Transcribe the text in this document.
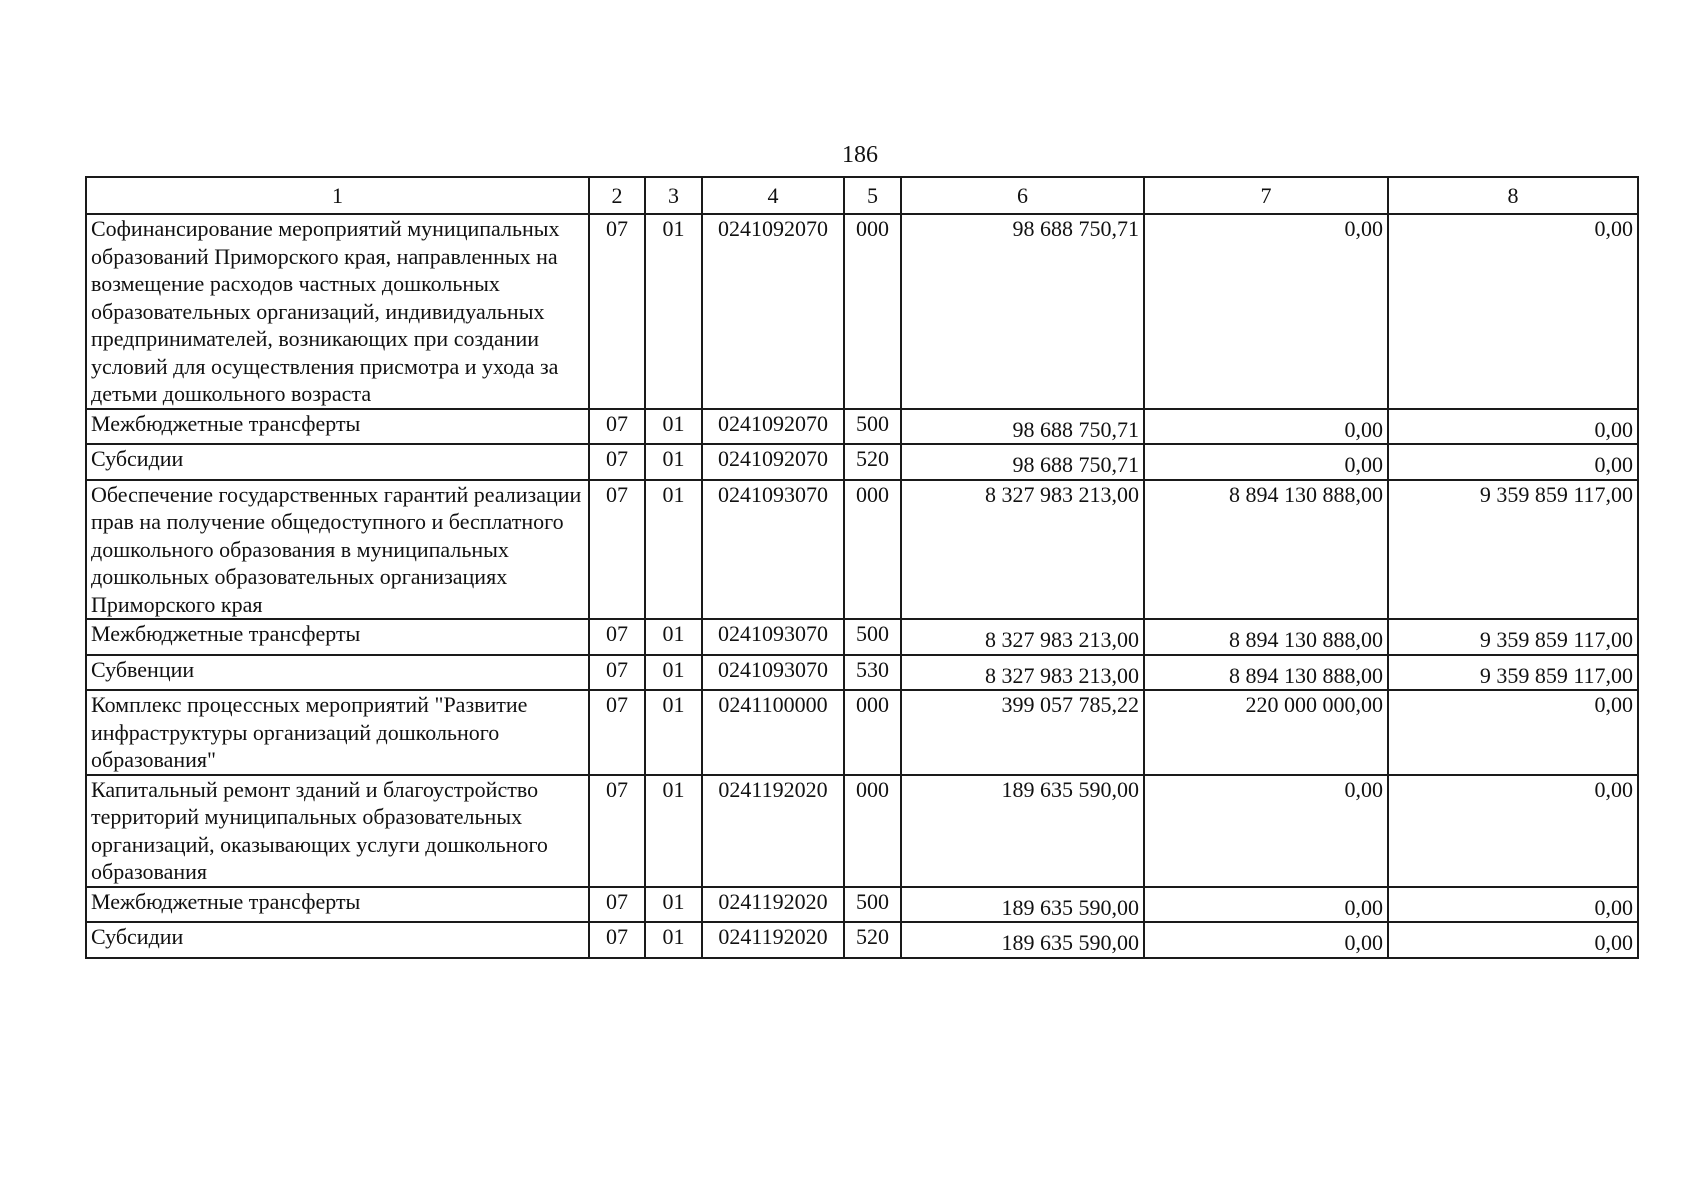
186
1	2	3	4	5	6	7	8
Софинансирование мероприятий муниципальных образований Приморского края, направленных на возмещение расходов частных дошкольных образовательных организаций, индивидуальных предпринимателей, возникающих при создании условий для осуществления присмотра и ухода за детьми дошкольного возраста	07	01	0241092070	000	98 688 750,71	0,00	0,00
Межбюджетные трансферты	07	01	0241092070	500	98 688 750,71	0,00	0,00
Субсидии	07	01	0241092070	520	98 688 750,71	0,00	0,00
Обеспечение государственных гарантий реализации прав на получение общедоступного и бесплатного дошкольного образования в муниципальных дошкольных образовательных организациях Приморского края	07	01	0241093070	000	8 327 983 213,00	8 894 130 888,00	9 359 859 117,00
Межбюджетные трансферты	07	01	0241093070	500	8 327 983 213,00	8 894 130 888,00	9 359 859 117,00
Субвенции	07	01	0241093070	530	8 327 983 213,00	8 894 130 888,00	9 359 859 117,00
Комплекс процессных мероприятий "Развитие инфраструктуры организаций дошкольного образования"	07	01	0241100000	000	399 057 785,22	220 000 000,00	0,00
Капитальный ремонт зданий и благоустройство территорий муниципальных образовательных организаций, оказывающих услуги дошкольного образования	07	01	0241192020	000	189 635 590,00	0,00	0,00
Межбюджетные трансферты	07	01	0241192020	500	189 635 590,00	0,00	0,00
Субсидии	07	01	0241192020	520	189 635 590,00	0,00	0,00
